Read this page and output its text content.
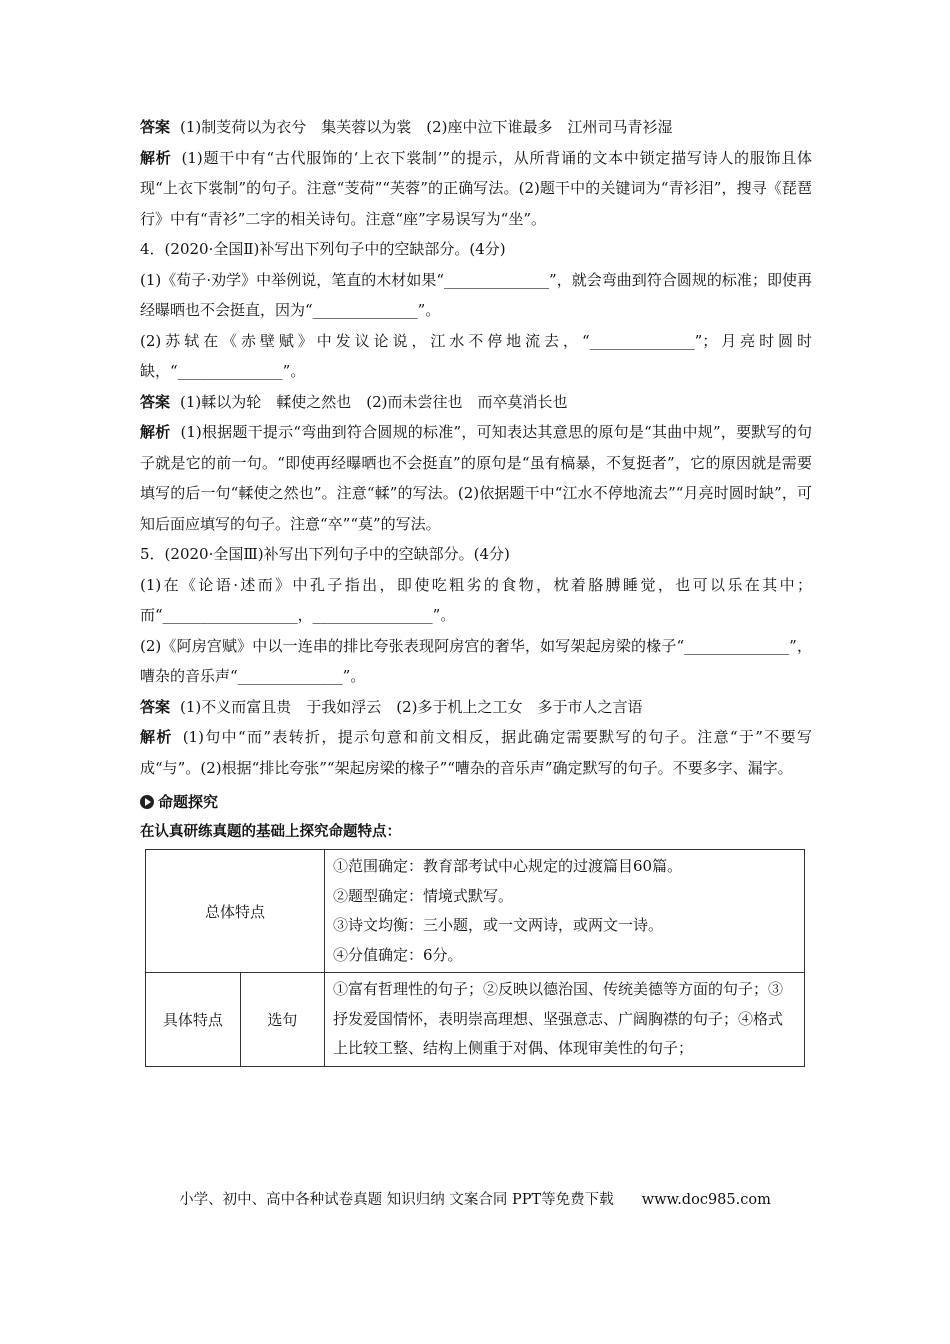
答案 (1)制芰荷以为衣兮　集芙蓉以为裳　(2)座中泣下谁最多　江州司马青衫湿

解析 (1)题干中有“古代服饰的‘上衣下裳制’”的提示，从所背诵的文本中锁定描写诗人的服饰且体现“上衣下裳制”的句子。注意“芰荷”“芙蓉”的正确写法。(2)题干中的关键词为“青衫泪”，搜寻《琵琶行》中有“青衫”二字的相关诗句。注意“座”字易误写为“坐”。

4．(2020·全国Ⅱ)补写出下列句子中的空缺部分。(4分)

(1)《荀子·劝学》中举例说，笔直的木材如果“______________”，就会弯曲到符合圆规的标准；即使再经曝晒也不会挺直，因为“______________”。

(2)苏轼在《赤壁赋》中发议论说，江水不停地流去，“______________”；月亮时圆时缺，“______________”。

答案 (1)輮以为轮　輮使之然也　(2)而未尝往也　而卒莫消长也

解析 (1)根据题干提示“弯曲到符合圆规的标准”，可知表达其意思的原句是“其曲中规”，要默写的句子就是它的前一句。“即使再经曝晒也不会挺直”的原句是“虽有槁暴，不复挺者”，它的原因就是需要填写的后一句“輮使之然也”。注意“輮”的写法。(2)依据题干中“江水不停地流去”“月亮时圆时缺”，可知后面应填写的句子。注意“卒”“莫”的写法。

5．(2020·全国Ⅲ)补写出下列句子中的空缺部分。(4分)

(1)在《论语·述而》中孔子指出，即使吃粗劣的食物，枕着胳膊睡觉，也可以乐在其中；而“__________________，________________”。

(2)《阿房宫赋》中以一连串的排比夸张表现阿房宫的奢华，如写架起房梁的椽子“______________”，嘈杂的音乐声“______________”。

答案 (1)不义而富且贵　于我如浮云　(2)多于机上之工女　多于市人之言语

解析 (1)句中“而”表转折，提示句意和前文相反，据此确定需要默写的句子。注意“于”不要写成“与”。(2)根据“排比夸张”“架起房梁的椽子”“嘈杂的音乐声”确定默写的句子。不要多字、漏字。

命题探究
在认真研练真题的基础上探究命题特点：
总体特点		①范围确定：教育部考试中心规定的过渡篇目60篇。
②题型确定：情境式默写。
③诗文均衡：三小题，或一文两诗，或两文一诗。
④分值确定：6分。

具体特点	选句	①富有哲理性的句子；②反映以德治国、传统美德等方面的句子；③抒发爱国情怀，表明崇高理想、坚强意志、广阔胸襟的句子；④格式上比较工整、结构上侧重于对偶、体现审美性的句子；
小学、初中、高中各种试卷真题 知识归纳 文案合同 PPT等免费下载 www.doc985.com
